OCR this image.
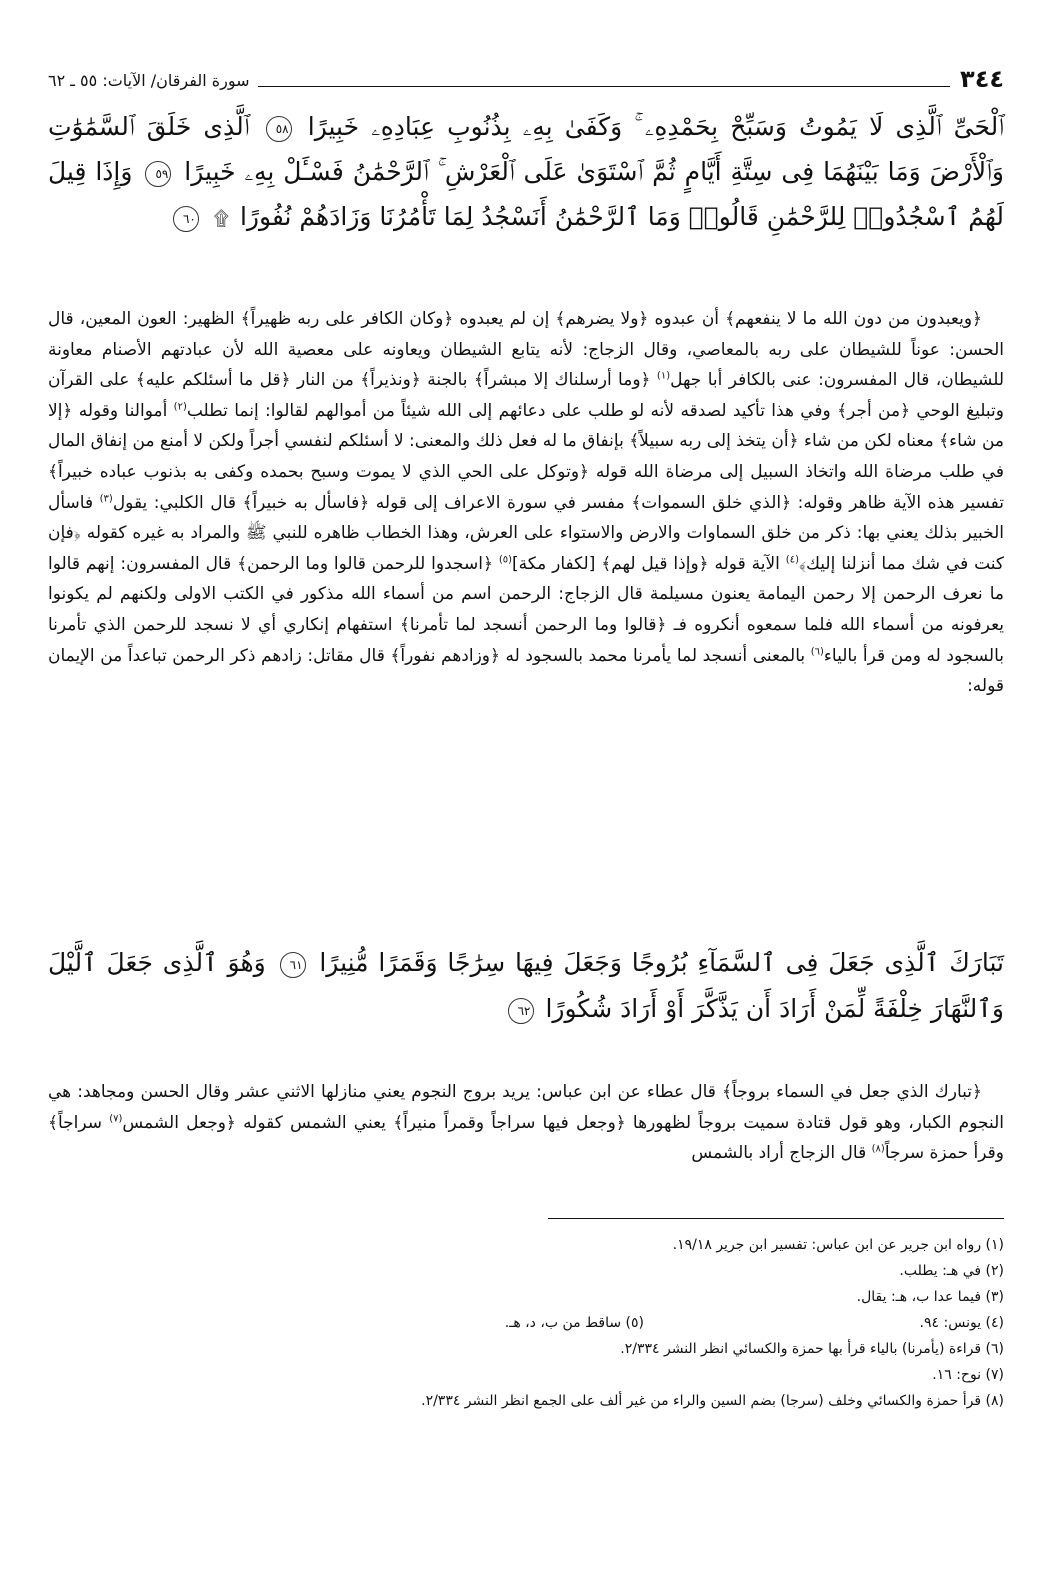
٣٤٤
سورة الفرقان/ الآيات: ٥٥ ـ ٦٢
ٱلْحَىِّ ٱلَّذِى لَا يَمُوتُ وَسَبِّحْ بِحَمْدِهِۦ ۚ وَكَفَىٰ بِهِۦ بِذُنُوبِ عِبَادِهِۦ خَبِيرًا ٥٨ ٱلَّذِى خَلَقَ ٱلسَّمَٰوَٰتِ وَٱلْأَرْضَ وَمَا بَيْنَهُمَا فِى سِتَّةِ أَيَّامٍ ثُمَّ ٱسْتَوَىٰ عَلَى ٱلْعَرْشِ ۚ ٱلرَّحْمَٰنُ فَسْـَٔلْ بِهِۦ خَبِيرًا ٥٩ وَإِذَا قِيلَ لَهُمُ ٱسْجُدُوا۟ لِلرَّحْمَٰنِ قَالُوا۟ وَمَا ٱلرَّحْمَٰنُ أَنَسْجُدُ لِمَا تَأْمُرُنَا وَزَادَهُمْ نُفُورًا ۩ ٦٠

﴿ويعبدون من دون الله ما لا ينفعهم﴾ أن عبدوه ﴿ولا يضرهم﴾ إن لم يعبدوه ﴿وكان الكافر على ربه ظهيراً﴾ الظهير: العون المعين، قال الحسن: عوناً للشيطان على ربه بالمعاصي، وقال الزجاج: لأنه يتابع الشيطان ويعاونه على معصية الله لأن عبادتهم الأصنام معاونة للشيطان، قال المفسرون: عنى بالكافر أبا جهل$^{(١)}$ ﴿وما أرسلناك إلا مبشراً﴾ بالجنة ﴿ونذيراً﴾ من النار ﴿قل ما أسئلكم عليه﴾ على القرآن وتبليغ الوحي ﴿من أجر﴾ وفي هذا تأكيد لصدقه لأنه لو طلب على دعائهم إلى الله شيئاً من أموالهم لقالوا: إنما تطلب$^{(٢)}$ أموالنا وقوله ﴿إلا من شاء﴾ معناه لكن من شاء ﴿أن يتخذ إلى ربه سبيلاً﴾ بإنفاق ما له فعل ذلك والمعنى: لا أسئلكم لنفسي أجراً ولكن لا أمنع من إنفاق المال في طلب مرضاة الله واتخاذ السبيل إلى مرضاة الله قوله ﴿وتوكل على الحي الذي لا يموت وسبح بحمده وكفى به بذنوب عباده خبيراً﴾ تفسير هذه الآية ظاهر وقوله: ﴿الذي خلق السموات﴾ مفسر في سورة الاعراف إلى قوله ﴿فاسأل به خبيراً﴾ قال الكلبي: يقول$^{(٣)}$ فاسأل الخبير بذلك يعني بها: ذكر من خلق السماوات والارض والاستواء على العرش، وهذا الخطاب ظاهره للنبي ﷺ والمراد به غيره كقوله ﴿فإن كنت في شك مما أنزلنا إليك﴾$^{(٤)}$ الآية قوله ﴿وإذا قيل لهم﴾ [لكفار مكة]$^{(٥)}$ ﴿اسجدوا للرحمن قالوا وما الرحمن﴾ قال المفسرون: إنهم قالوا ما نعرف الرحمن إلا رحمن اليمامة يعنون مسيلمة قال الزجاج: الرحمن اسم من أسماء الله مذكور في الكتب الاولى ولكنهم لم يكونوا يعرفونه من أسماء الله فلما سمعوه أنكروه فـ ﴿قالوا وما الرحمن أنسجد لما تأمرنا﴾ استفهام إنكاري أي لا نسجد للرحمن الذي تأمرنا بالسجود له ومن قرأ بالياء$^{(٦)}$ بالمعنى أنسجد لما يأمرنا محمد بالسجود له ﴿وزادهم نفوراً﴾ قال مقاتل: زادهم ذكر الرحمن تباعداً من الإيمان قوله:

تَبَارَكَ ٱلَّذِى جَعَلَ فِى ٱلسَّمَآءِ بُرُوجًا وَجَعَلَ فِيهَا سِرَٰجًا وَقَمَرًا مُّنِيرًا ٦١ وَهُوَ ٱلَّذِى جَعَلَ ٱلَّيْلَ وَٱلنَّهَارَ خِلْفَةً لِّمَنْ أَرَادَ أَن يَذَّكَّرَ أَوْ أَرَادَ شُكُورًا ٦٢

﴿تبارك الذي جعل في السماء بروجاً﴾ قال عطاء عن ابن عباس: يريد بروج النجوم يعني منازلها الاثني عشر وقال الحسن ومجاهد: هي النجوم الكبار، وهو قول قتادة سميت بروجاً لظهورها ﴿وجعل فيها سراجاً وقمراً منيراً﴾ يعني الشمس كقوله ﴿وجعل الشمس$^{(٧)}$ سراجاً﴾ وقرأ حمزة سرجاً$^{(٨)}$ قال الزجاج أراد بالشمس

(١) رواه ابن جرير عن ابن عباس: تفسير ابن جرير ١٩/١٨.
(٢) في هـ: يطلب.
(٣) فيما عدا ب، هـ: يقال.
(٤) يونس: ٩٤.
(٥) ساقط من ب، د، هـ.
(٦) قراءة (يأمرنا) بالياء قرأ بها حمزة والكسائي انظر النشر ٢/٣٣٤.
(٧) نوح: ١٦.
(٨) قرأ حمزة والكسائي وخلف (سرجا) بضم السين والراء من غير ألف على الجمع انظر النشر ٢/٣٣٤.
